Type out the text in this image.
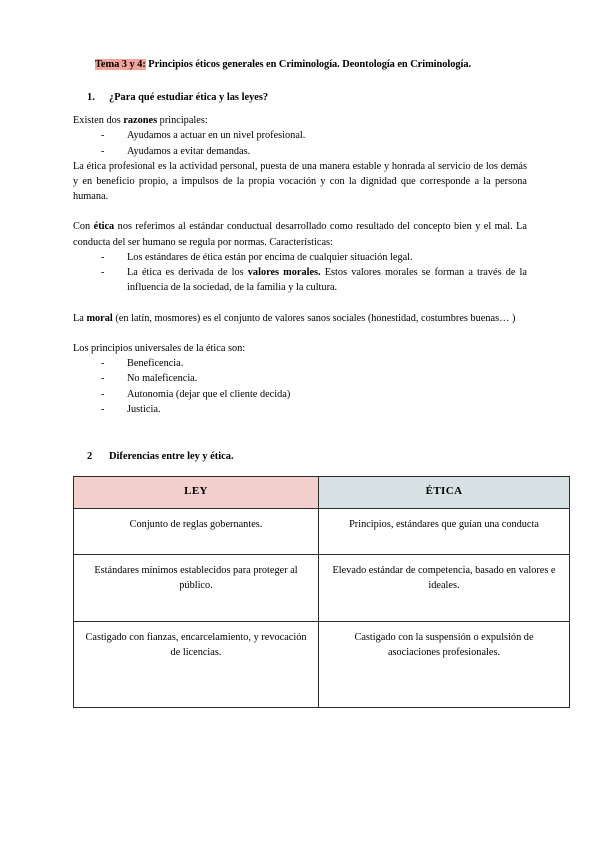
Tema 3 y 4: Principios éticos generales en Criminología. Deontología en Criminología.
1.	¿Para qué estudiar ética y las leyes?

Existen dos razones principales:

- Ayudamos a actuar en un nivel profesional.
- Ayudamos a evitar demandas.

La ética profesional es la actividad personal, puesta de una manera estable y honrada al servicio de los demás y en beneficio propio, a impulsos de la propia vocación y con la dignidad que corresponde a la persona humana.

Con ética nos referimos al estándar conductual desarrollado como resultado del concepto bien y el mal. La conducta del ser humano se regula por normas. Características:

- Los estándares de ética están por encima de cualquier situación legal.
- La ética es derivada de los valores morales. Estos valores morales se forman a través de la influencia de la sociedad, de la familia y la cultura.

La moral (en latín, mosmores) es el conjunto de valores sanos sociales (honestidad, costumbres buenas… )

Los principios universales de la ética son:

- Beneficencia.
- No maleficencia.
- Autonomía (dejar que el cliente decida)
- Justicia.
2	Diferencias entre ley y ética.
LEY	ÉTICA
Conjunto de reglas gobernantes.	Principios, estándares que guían una conducta
Estándares mínimos establecidos para proteger al público.	Elevado estándar de competencia, basado en valores e ideales.
Castigado con fianzas, encarcelamiento, y revocación de licencias.	Castigado con la suspensión o expulsión de asociaciones profesionales.
